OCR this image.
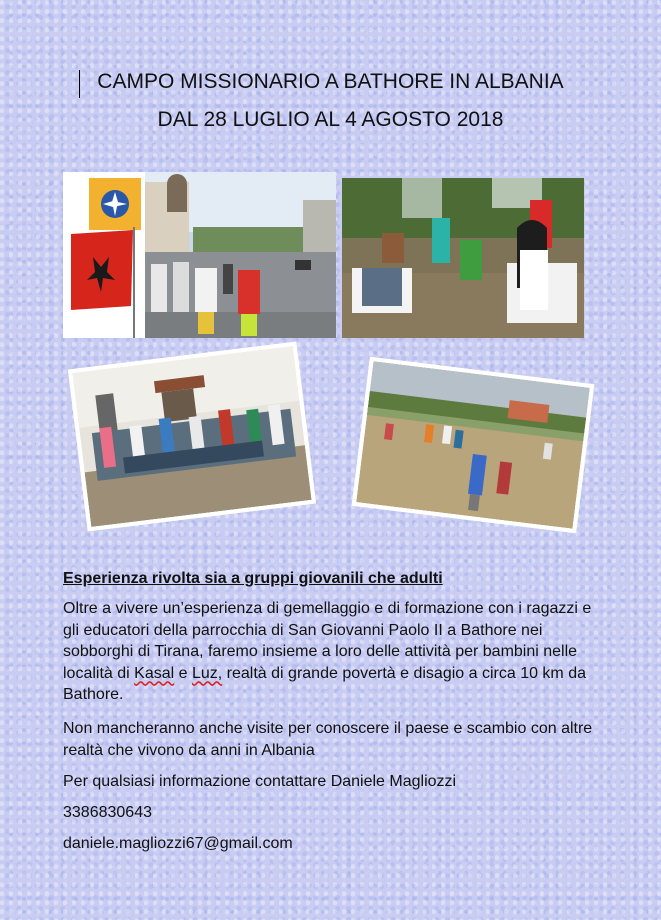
CAMPO MISSIONARIO A BATHORE IN ALBANIA
DAL 28 LUGLIO AL 4 AGOSTO 2018
Esperienza rivolta sia a gruppi giovanili che adulti
Oltre a vivere un’esperienza di gemellaggio e di formazione con i ragazzi e gli educatori della parrocchia di San Giovanni Paolo II a Bathore nei sobborghi di Tirana, faremo insieme a loro delle attività per bambini nelle località di Kasal e Luz, realtà di grande povertà e disagio a circa 10 km da Bathore.
Non mancheranno anche visite per conoscere il paese e scambio con altre realtà che vivono da anni in Albania
Per qualsiasi informazione contattare Daniele Magliozzi
3386830643
daniele.magliozzi67@gmail.com
